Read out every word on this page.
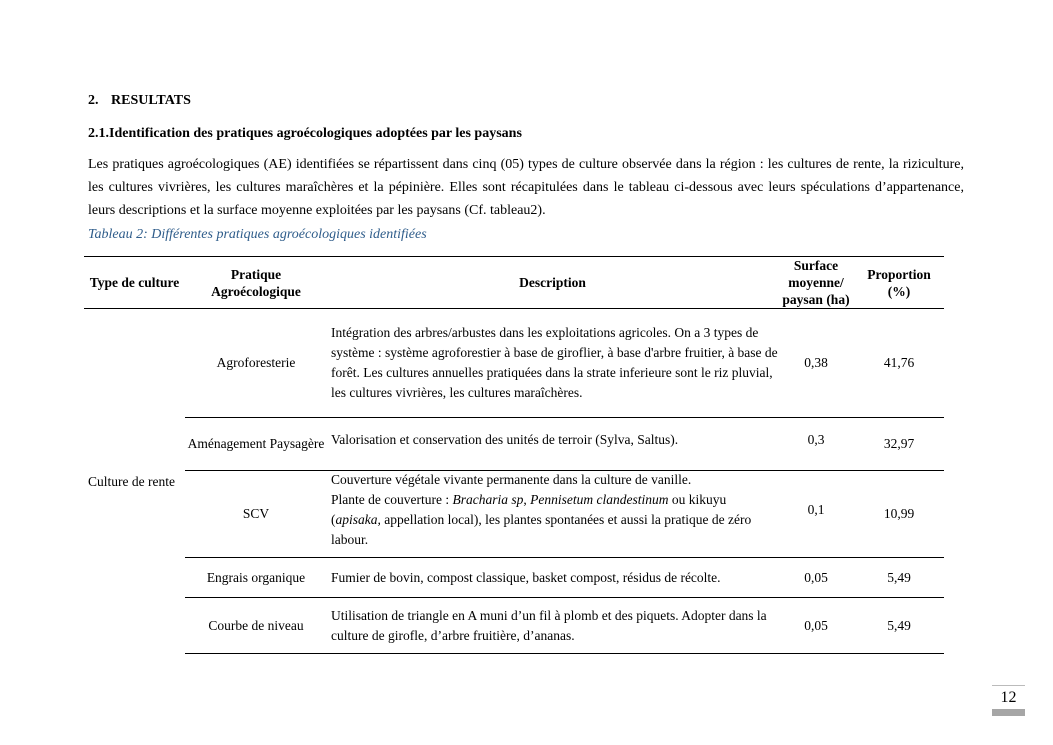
2. RESULTATS
2.1.Identification des pratiques agroécologiques adoptées par les paysans

Les pratiques agroécologiques (AE) identifiées se répartissent dans cinq (05) types de culture observée dans la région : les cultures de rente, la riziculture, les cultures vivrières, les cultures maraîchères et la pépinière. Elles sont récapitulées dans le tableau ci-dessous avec leurs spéculations d’appartenance, leurs descriptions et la surface moyenne exploitées par les paysans (Cf. tableau2).

Tableau 2: Différentes pratiques agroécologiques identifiées
Type de culture	Pratique Agroécologique	Description	Surface moyenne/ paysan (ha)	Proportion (%)
Culture de rente	Agroforesterie	Intégration des arbres/arbustes dans les exploitations agricoles. On a 3 types de système : système agroforestier à base de giroflier, à base d'arbre fruitier, à base de forêt. Les cultures annuelles pratiquées dans la strate inferieure sont le riz pluvial, les cultures vivrières, les cultures maraîchères.	0,38	41,76
	Aménagement Paysagère	Valorisation et conservation des unités de terroir (Sylva, Saltus).	0,3	32,97
	SCV	Couverture végétale vivante permanente dans la culture de vanille.
Plante de couverture : Bracharia sp, Pennisetum clandestinum ou kikuyu (apisaka, appellation local), les plantes spontanées et aussi la pratique de zéro labour.	0,1	10,99
	Engrais organique	Fumier de bovin, compost classique, basket compost, résidus de récolte.	0,05	5,49
	Courbe de niveau	Utilisation de triangle en A muni d’un fil à plomb et des piquets. Adopter dans la culture de girofle, d’arbre fruitière, d’ananas.	0,05	5,49
12
